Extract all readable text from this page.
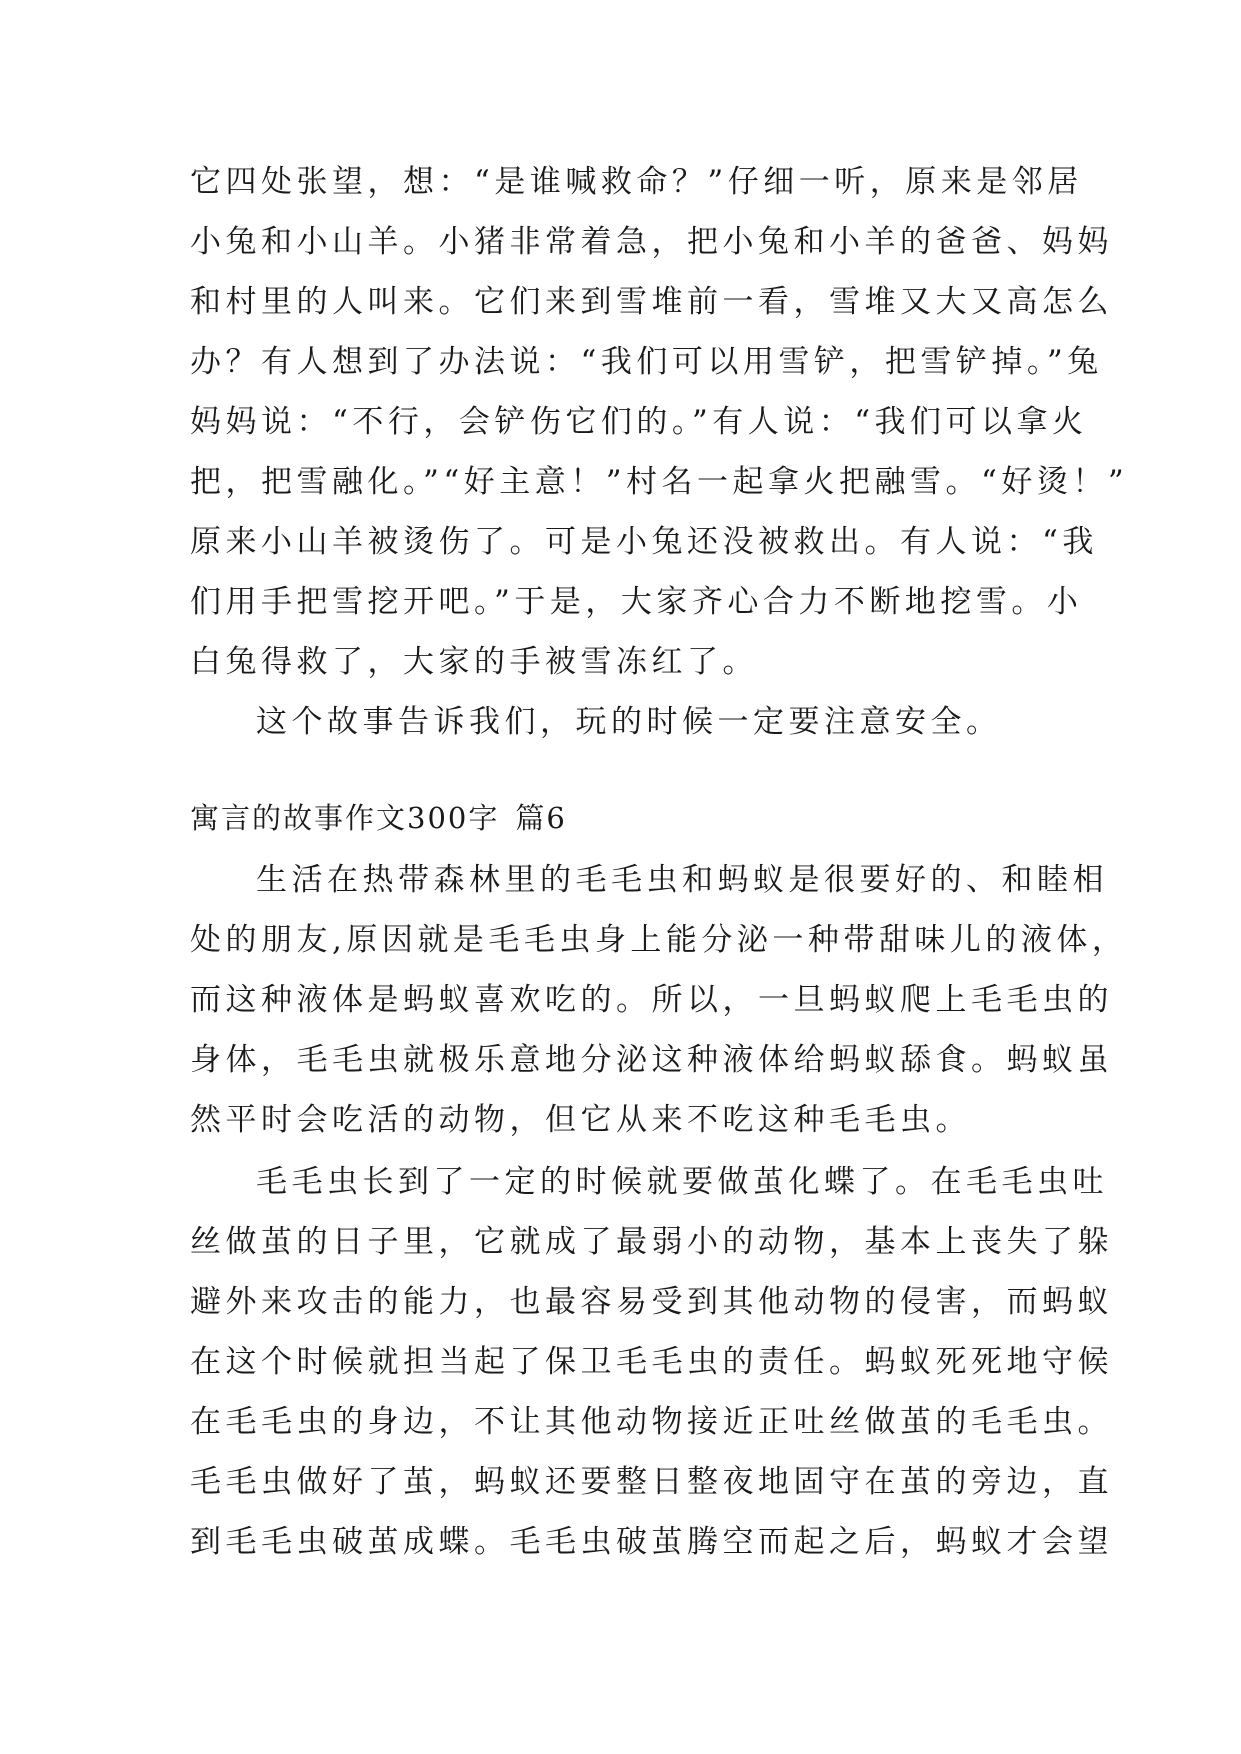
它四处张望，想：“是谁喊救命？”仔细一听，原来是邻居
小兔和小山羊。小猪非常着急，把小兔和小羊的爸爸、妈妈
和村里的人叫来。它们来到雪堆前一看，雪堆又大又高怎么
办？有人想到了办法说：“我们可以用雪铲，把雪铲掉。”兔
妈妈说：“不行，会铲伤它们的。”有人说：“我们可以拿火
把，把雪融化。”“好主意！”村名一起拿火把融雪。“好烫！”
原来小山羊被烫伤了。可是小兔还没被救出。有人说：“我
们用手把雪挖开吧。”于是，大家齐心合力不断地挖雪。小
白兔得救了，大家的手被雪冻红了。
这个故事告诉我们，玩的时候一定要注意安全。
寓言的故事作文300字 篇6
生活在热带森林里的毛毛虫和蚂蚁是很要好的、和睦相
处的朋友,原因就是毛毛虫身上能分泌一种带甜味儿的液体，
而这种液体是蚂蚁喜欢吃的。所以，一旦蚂蚁爬上毛毛虫的
身体，毛毛虫就极乐意地分泌这种液体给蚂蚁舔食。蚂蚁虽
然平时会吃活的动物，但它从来不吃这种毛毛虫。
毛毛虫长到了一定的时候就要做茧化蝶了。在毛毛虫吐
丝做茧的日子里，它就成了最弱小的动物，基本上丧失了躲
避外来攻击的能力，也最容易受到其他动物的侵害，而蚂蚁
在这个时候就担当起了保卫毛毛虫的责任。蚂蚁死死地守候
在毛毛虫的身边，不让其他动物接近正吐丝做茧的毛毛虫。
毛毛虫做好了茧，蚂蚁还要整日整夜地固守在茧的旁边，直
到毛毛虫破茧成蝶。毛毛虫破茧腾空而起之后，蚂蚁才会望
